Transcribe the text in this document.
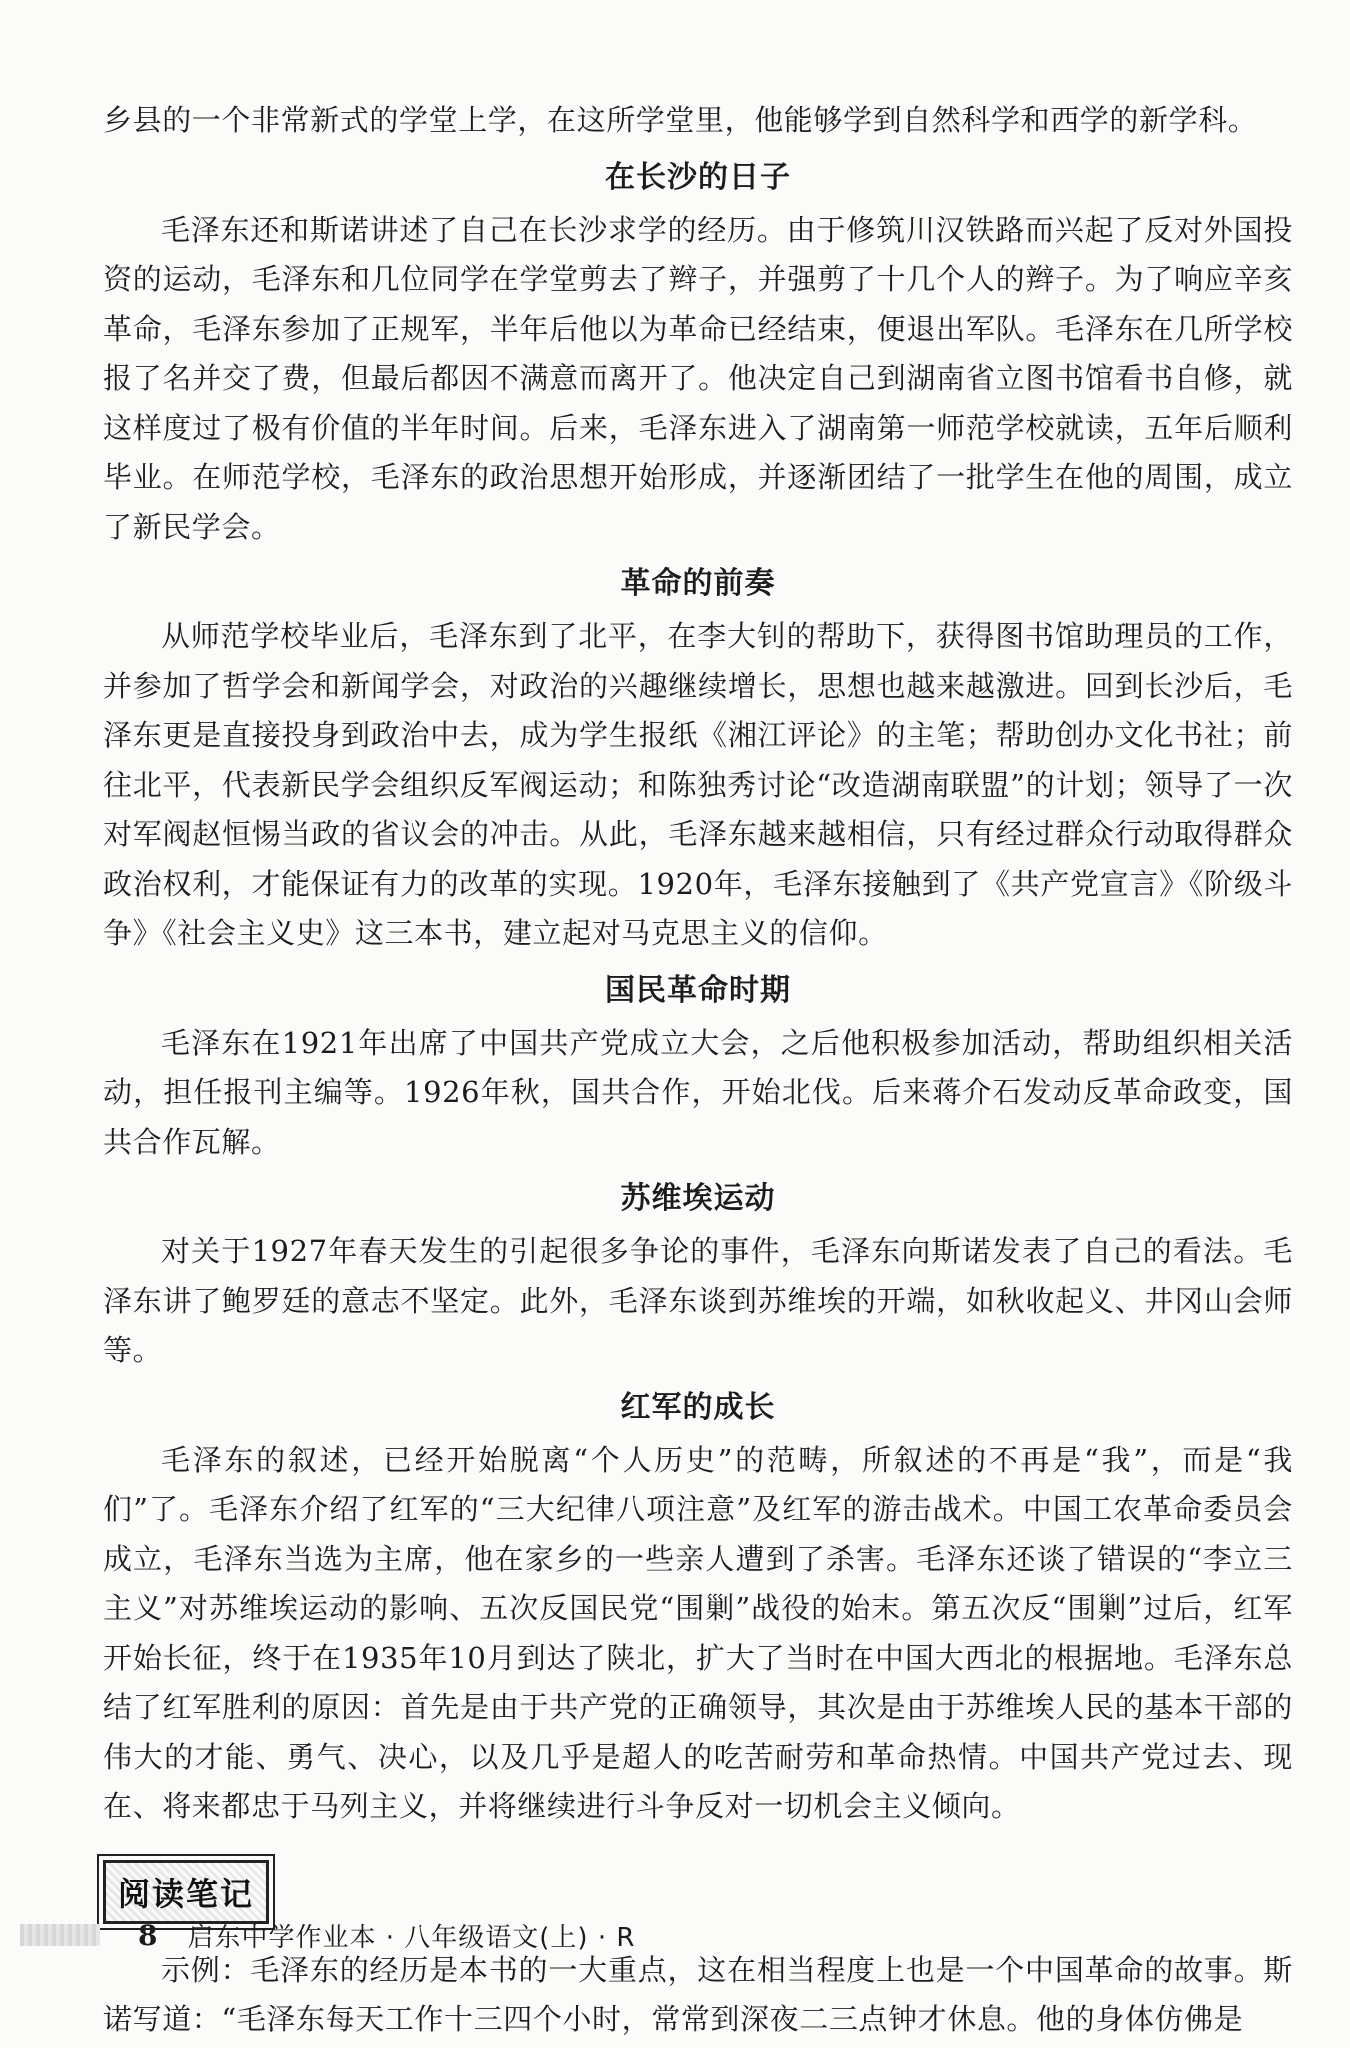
乡县的一个非常新式的学堂上学，在这所学堂里，他能够学到自然科学和西学的新学科。

在长沙的日子

毛泽东还和斯诺讲述了自己在长沙求学的经历。由于修筑川汉铁路而兴起了反对外国投资的运动，毛泽东和几位同学在学堂剪去了辫子，并强剪了十几个人的辫子。为了响应辛亥革命，毛泽东参加了正规军，半年后他以为革命已经结束，便退出军队。毛泽东在几所学校报了名并交了费，但最后都因不满意而离开了。他决定自己到湖南省立图书馆看书自修，就这样度过了极有价值的半年时间。后来，毛泽东进入了湖南第一师范学校就读，五年后顺利毕业。在师范学校，毛泽东的政治思想开始形成，并逐渐团结了一批学生在他的周围，成立了新民学会。

革命的前奏

从师范学校毕业后，毛泽东到了北平，在李大钊的帮助下，获得图书馆助理员的工作，并参加了哲学会和新闻学会，对政治的兴趣继续增长，思想也越来越激进。回到长沙后，毛泽东更是直接投身到政治中去，成为学生报纸《湘江评论》的主笔；帮助创办文化书社；前往北平，代表新民学会组织反军阀运动；和陈独秀讨论“改造湖南联盟”的计划；领导了一次对军阀赵恒惕当政的省议会的冲击。从此，毛泽东越来越相信，只有经过群众行动取得群众政治权利，才能保证有力的改革的实现。1920年，毛泽东接触到了《共产党宣言》《阶级斗争》《社会主义史》这三本书，建立起对马克思主义的信仰。

国民革命时期

毛泽东在1921年出席了中国共产党成立大会，之后他积极参加活动，帮助组织相关活动，担任报刊主编等。1926年秋，国共合作，开始北伐。后来蒋介石发动反革命政变，国共合作瓦解。

苏维埃运动

对关于1927年春天发生的引起很多争论的事件，毛泽东向斯诺发表了自己的看法。毛泽东讲了鲍罗廷的意志不坚定。此外，毛泽东谈到苏维埃的开端，如秋收起义、井冈山会师等。

红军的成长

毛泽东的叙述，已经开始脱离“个人历史”的范畴，所叙述的不再是“我”，而是“我们”了。毛泽东介绍了红军的“三大纪律八项注意”及红军的游击战术。中国工农革命委员会成立，毛泽东当选为主席，他在家乡的一些亲人遭到了杀害。毛泽东还谈了错误的“李立三主义”对苏维埃运动的影响、五次反国民党“围剿”战役的始末。第五次反“围剿”过后，红军开始长征，终于在1935年10月到达了陕北，扩大了当时在中国大西北的根据地。毛泽东总结了红军胜利的原因：首先是由于共产党的正确领导，其次是由于苏维埃人民的基本干部的伟大的才能、勇气、决心，以及几乎是超人的吃苦耐劳和革命热情。中国共产党过去、现在、将来都忠于马列主义，并将继续进行斗争反对一切机会主义倾向。

阅读笔记

示例：毛泽东的经历是本书的一大重点，这在相当程度上也是一个中国革命的故事。斯诺写道：“毛泽东每天工作十三四个小时，常常到深夜二三点钟才休息。他的身体仿佛是

8 启东中学作业本 · 八年级语文(上) · R
